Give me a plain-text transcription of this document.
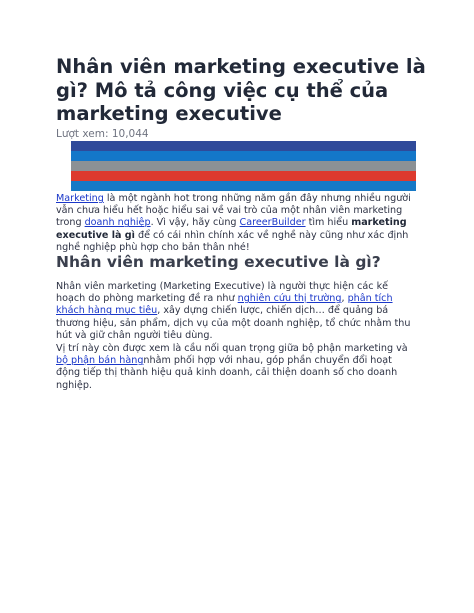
Nhân viên marketing executive là gì? Mô tả công việc cụ thể của marketing executive
Lượt xem: 10,044

Marketing là một ngành hot trong những năm gần đây nhưng nhiều người vẫn chưa hiểu hết hoặc hiểu sai về vai trò của một nhân viên marketing trong doanh nghiệp. Vì vậy, hãy cùng CareerBuilder tìm hiểu marketing executive là gì để có cái nhìn chính xác về nghề này cũng như xác định nghề nghiệp phù hợp cho bản thân nhé!

Nhân viên marketing executive là gì?

Nhân viên marketing (Marketing Executive) là người thực hiện các kế hoạch do phòng marketing đề ra như nghiên cứu thị trường, phân tích khách hàng mục tiêu, xây dựng chiến lược, chiến dịch… để quảng bá thương hiệu, sản phẩm, dịch vụ của một doanh nghiệp, tổ chức nhằm thu hút và giữ chân người tiêu dùng.

Vị trí này còn được xem là cầu nối quan trọng giữa bộ phận marketing và bộ phận bán hàngnhằm phối hợp với nhau, góp phần chuyển đổi hoạt động tiếp thị thành hiệu quả kinh doanh, cải thiện doanh số cho doanh nghiệp.
